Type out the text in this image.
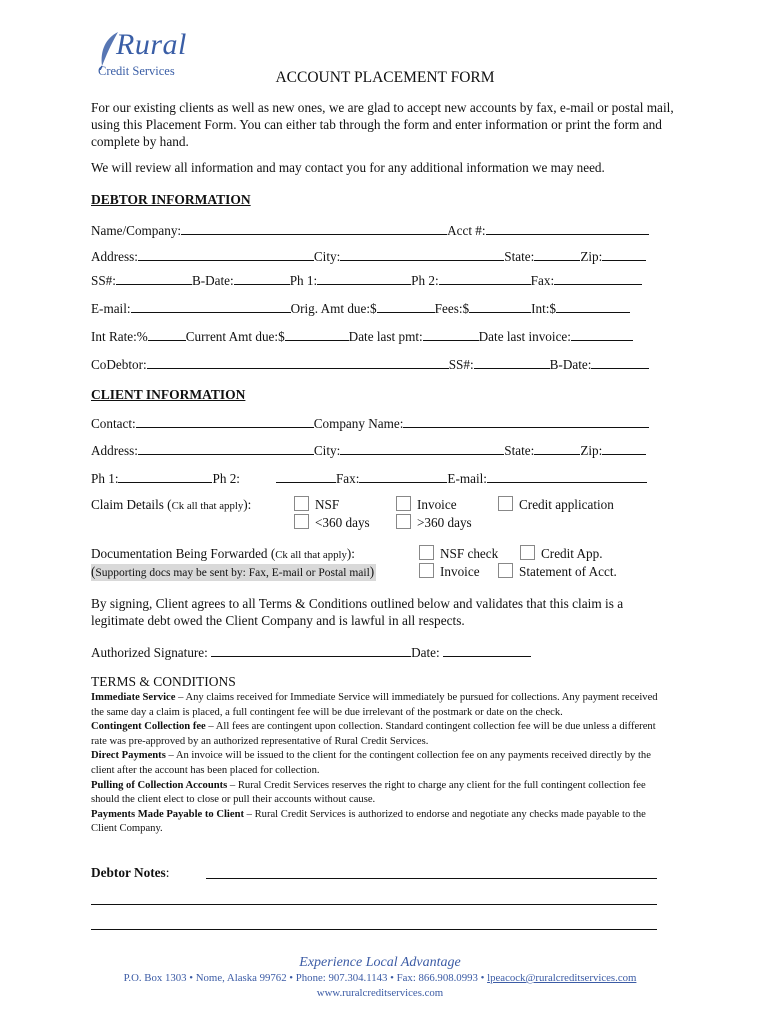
Rural
Credit Services	ACCOUNT PLACEMENT FORM
For our existing clients as well as new ones, we are glad to accept new accounts by fax, e-mail or postal mail, using this Placement Form. You can either tab through the form and enter information or print the form and complete by hand.
We will review all information and may contact you for any additional information we may need.
DEBTOR INFORMATION
Name/Company:	Acct #:
Address:	City:	State:	Zip:
SS#:	B-Date:	Ph 1:	Ph 2:	Fax:
E-mail:	Orig. Amt due:$	Fees:$	Int:$
Int Rate:%	Current Amt due:$	Date last pmt:	Date last invoice:
CoDebtor:	SS#:	B-Date:
CLIENT INFORMATION
Contact:	Company Name:
Address:	City:	State:	Zip:
Ph 1:	Ph 2:	Fax:	E-mail:
Claim Details (Ck all that apply):	NSF	Invoice	Credit application
<360 days	>360 days
Documentation Being Forwarded (Ck all that apply):
(Supporting docs may be sent by: Fax, E-mail or Postal mail)
NSF check	Credit App.
Invoice	Statement of Acct.
By signing, Client agrees to all Terms & Conditions outlined below and validates that this claim is a legitimate debt owed the Client Company and is lawful in all respects.
Authorized Signature:	Date:
TERMS & CONDITIONS
Immediate Service – Any claims received for Immediate Service will immediately be pursued for collections. Any payment received the same day a claim is placed, a full contingent fee will be due irrelevant of the postmark or date on the check.
Contingent Collection fee – All fees are contingent upon collection. Standard contingent collection fee will be due unless a different rate was pre-approved by an authorized representative of Rural Credit Services.
Direct Payments – An invoice will be issued to the client for the contingent collection fee on any payments received directly by the client after the account has been placed for collection.
Pulling of Collection Accounts – Rural Credit Services reserves the right to charge any client for the full contingent collection fee should the client elect to close or pull their accounts without cause.
Payments Made Payable to Client – Rural Credit Services is authorized to endorse and negotiate any checks made payable to the Client Company.
Debtor Notes:
Experience Local Advantage
P.O. Box 1303 • Nome, Alaska 99762 • Phone: 907.304.1143 • Fax: 866.908.0993 • lpeacock@ruralcreditservices.com
www.ruralcreditservices.com
